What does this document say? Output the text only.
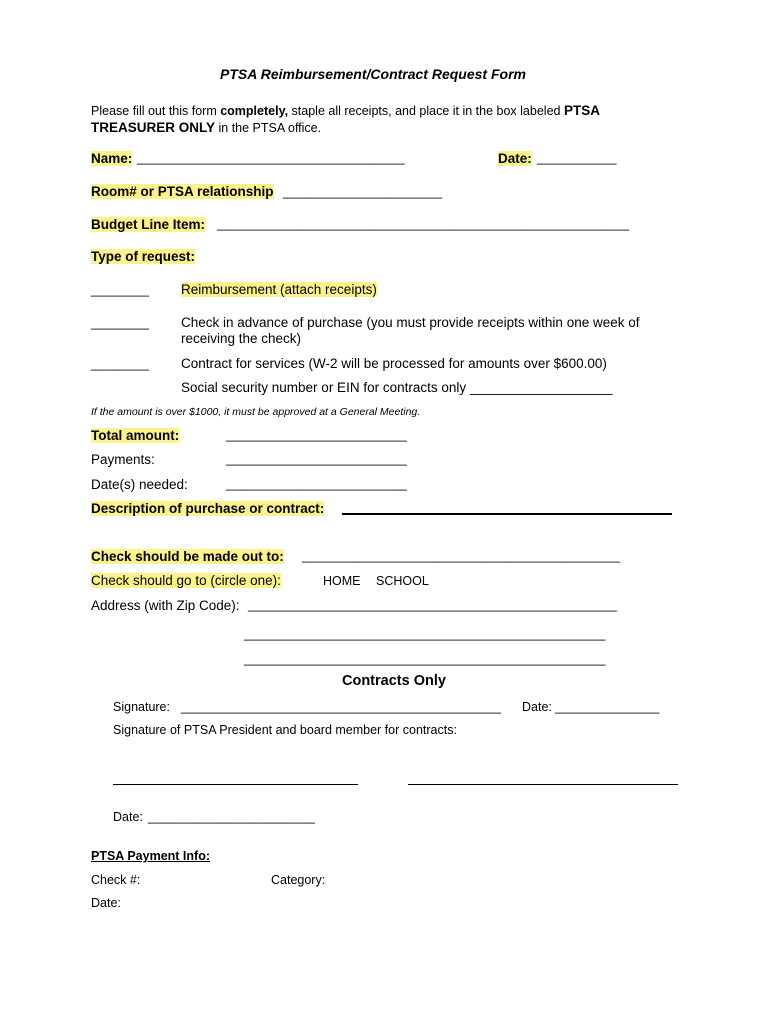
PTSA Reimbursement/Contract Request Form
Please fill out this form completely, staple all receipts, and place it in the box labeled PTSA
TREASURER ONLY in the PTSA office.
Name: _____________________________________	Date: ___________
Room# or PTSA relationship ______________________
Budget Line Item: _________________________________________________________
Type of request:
________ Reimbursement (attach receipts)
________ Check in advance of purchase (you must provide receipts within one week of
receiving the check)
________ Contract for services (W-2 will be processed for amounts over $600.00)
Social security number or EIN for contracts only ___________________
If the amount is over $1000, it must be approved at a General Meeting.
Total amount:	_________________________
Payments:	_________________________
Date(s) needed:	_________________________
Description of purchase or contract:
Check should be made out to: ____________________________________________
Check should go to (circle one):	HOME SCHOOL
Address (with Zip Code): ___________________________________________________
__________________________________________________
__________________________________________________
Contracts Only
Signature: ______________________________________________ Date: _______________
Signature of PTSA President and board member for contracts:
Date: ________________________
PTSA Payment Info:
Check #:	Category:
Date:
